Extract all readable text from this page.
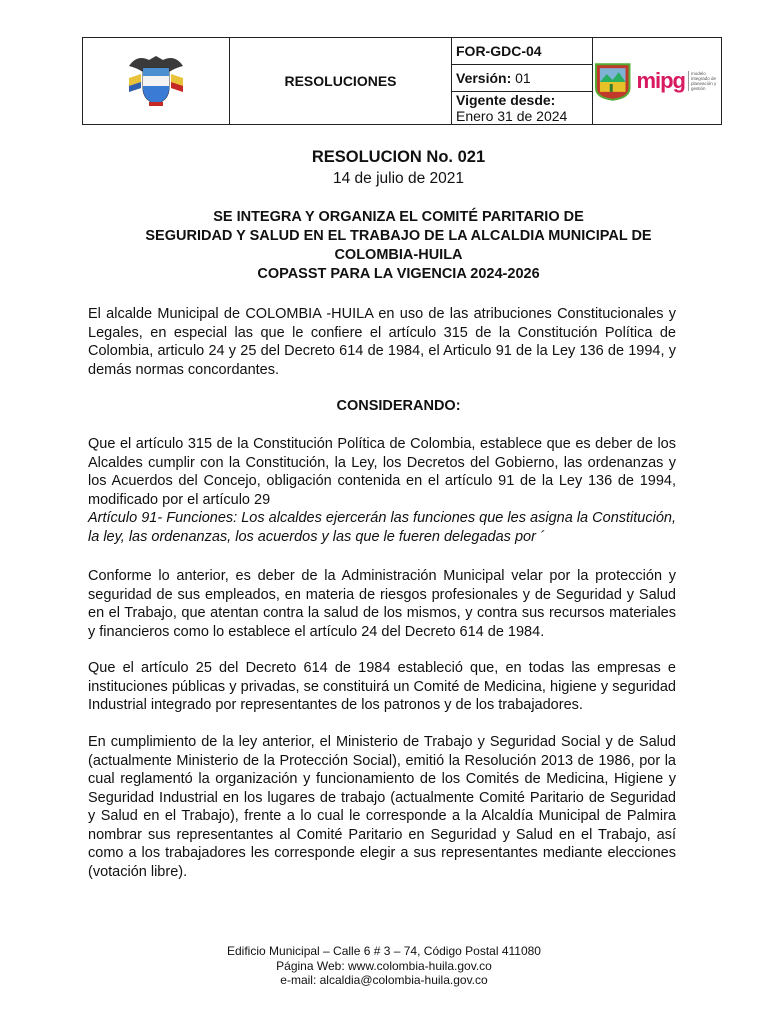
	RESOLUCIONES	FOR-GDC-04	
mipg	modelo integrado de planeación y gestión

Versión: 01

Vigente desde:
Enero 31 de 2024
RESOLUCION No. 021
14 de julio de 2021
SE INTEGRA Y ORGANIZA EL COMITÉ PARITARIO DE
SEGURIDAD Y SALUD EN EL TRABAJO DE LA ALCALDIA MUNICIPAL DE
COLOMBIA-HUILA
COPASST PARA LA VIGENCIA 2024-2026

El alcalde Municipal de COLOMBIA -HUILA en uso de las atribuciones Constitucionales y Legales, en especial las que le confiere el artículo 315 de la Constitución Política de Colombia, articulo 24 y 25 del Decreto 614 de 1984, el Articulo 91 de la Ley 136 de 1994, y demás normas concordantes.

CONSIDERANDO:

Que el artículo 315 de la Constitución Política de Colombia, establece que es deber de los Alcaldes cumplir con la Constitución, la Ley, los Decretos del Gobierno, las ordenanzas y los Acuerdos del Concejo, obligación contenida en el artículo 91 de la Ley 136 de 1994, modificado por el artículo 29
Artículo 91- Funciones: Los alcaldes ejercerán las funciones que les asigna la Constitución, la ley, las ordenanzas, los acuerdos y las que le fueren delegadas por ´

Conforme lo anterior, es deber de la Administración Municipal velar por la protección y seguridad de sus empleados, en materia de riesgos profesionales y de Seguridad y Salud en el Trabajo, que atentan contra la salud de los mismos, y contra sus recursos materiales y financieros como lo establece el artículo 24 del Decreto 614 de 1984.

Que el artículo 25 del Decreto 614 de 1984 estableció que, en todas las empresas e instituciones públicas y privadas, se constituirá un Comité de Medicina, higiene y seguridad Industrial integrado por representantes de los patronos y de los trabajadores.

En cumplimiento de la ley anterior, el Ministerio de Trabajo y Seguridad Social y de Salud (actualmente Ministerio de la Protección Social), emitió la Resolución 2013 de 1986, por la cual reglamentó la organización y funcionamiento de los Comités de Medicina, Higiene y Seguridad Industrial en los lugares de trabajo (actualmente Comité Paritario de Seguridad y Salud en el Trabajo), frente a lo cual le corresponde a la Alcaldía Municipal de Palmira nombrar sus representantes al Comité Paritario en Seguridad y Salud en el Trabajo, así como a los trabajadores les corresponde elegir a sus representantes mediante elecciones (votación libre).

Edificio Municipal – Calle 6 # 3 – 74, Código Postal 411080
Página Web: www.colombia-huila.gov.co
e-mail: alcaldia@colombia-huila.gov.co
